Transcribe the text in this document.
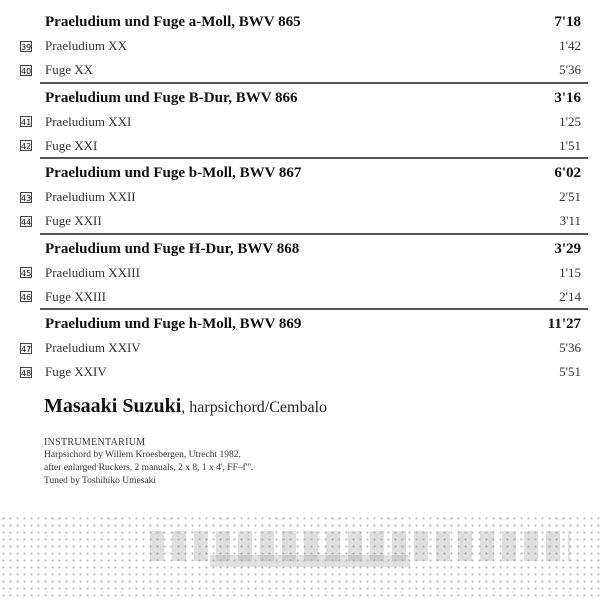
Praeludium und Fuge a-Moll, BWV 865	7'18
39 Praeludium XX	1'42
40 Fuge XX	5'36
Praeludium und Fuge B-Dur, BWV 866	3'16
41 Praeludium XXI	1'25
42 Fuge XXI	1'51
Praeludium und Fuge b-Moll, BWV 867	6'02
43 Praeludium XXII	2'51
44 Fuge XXII	3'11
Praeludium und Fuge H-Dur, BWV 868	3'29
45 Praeludium XXIII	1'15
46 Fuge XXIII	2'14
Praeludium und Fuge h-Moll, BWV 869	11'27
47 Praeludium XXIV	5'36
48 Fuge XXIV	5'51
Masaaki Suzuki, harpsichord/Cembalo
INSTRUMENTARIUM
Harpsichord by Willem Kroesbergen, Utrecht 1982,
after enlarged Ruckers, 2 manuals, 2 x 8, 1 x 4', FF–f'''.
Tuned by Toshihiko Umesaki
